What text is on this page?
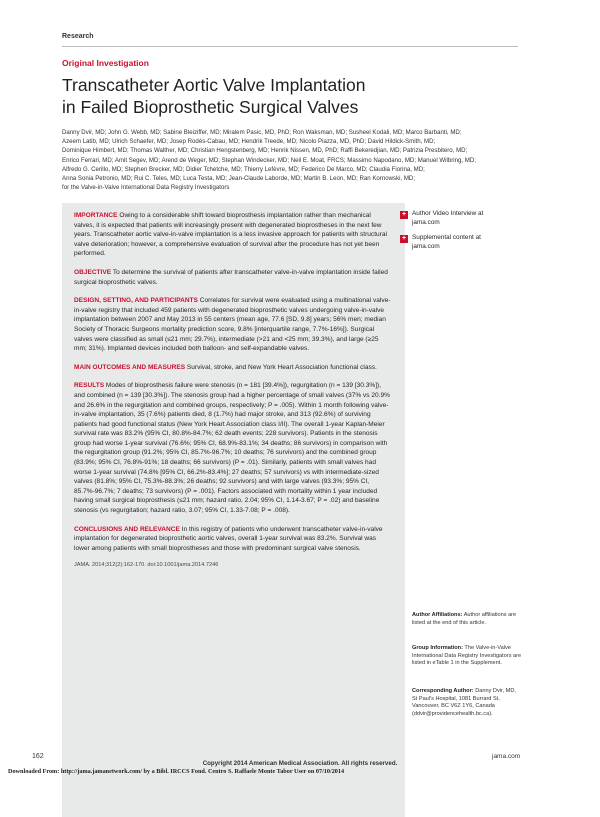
Research
Original Investigation
Transcatheter Aortic Valve Implantation
in Failed Bioprosthetic Surgical Valves
Danny Dvir, MD; John G. Webb, MD; Sabine Bleiziffer, MD; Miralem Pasic, MD, PhD; Ron Waksman, MD; Susheel Kodali, MD; Marco Barbanti, MD;
Azeem Latib, MD; Ulrich Schaefer, MD; Josep Rodés-Cabau, MD; Hendrik Treede, MD; Nicolo Piazza, MD, PhD; David Hildick-Smith, MD;
Dominique Himbert, MD; Thomas Walther, MD; Christian Hengstenberg, MD; Henrik Nissen, MD, PhD; Raffi Bekeredjian, MD; Patrizia Presbitero, MD;
Enrico Ferrari, MD; Amit Segev, MD; Arend de Weger, MD; Stephan Windecker, MD; Neil E. Moat, FRCS; Massimo Napodano, MD; Manuel Wilbring, MD;
Alfredo G. Cerillo, MD; Stephen Brecker, MD; Didier Tchetche, MD; Thierry Lefèvre, MD; Federico De Marco, MD; Claudia Fiorina, MD;
Anna Sonia Petronio, MD; Rui C. Teles, MD; Luca Testa, MD; Jean-Claude Laborde, MD; Martin B. Leon, MD; Ran Kornowski, MD;
for the Valve-in-Valve International Data Registry Investigators

IMPORTANCE Owing to a considerable shift toward bioprosthesis implantation rather than mechanical valves, it is expected that patients will increasingly present with degenerated bioprostheses in the next few years. Transcatheter aortic valve-in-valve implantation is a less invasive approach for patients with structural valve deterioration; however, a comprehensive evaluation of survival after the procedure has not yet been performed.

OBJECTIVE To determine the survival of patients after transcatheter valve-in-valve implantation inside failed surgical bioprosthetic valves.

DESIGN, SETTING, AND PARTICIPANTS Correlates for survival were evaluated using a multinational valve-in-valve registry that included 459 patients with degenerated bioprosthetic valves undergoing valve-in-valve implantation between 2007 and May 2013 in 55 centers (mean age, 77.6 [SD, 9.8] years; 56% men; median Society of Thoracic Surgeons mortality prediction score, 9.8% [interquartile range, 7.7%-16%]). Surgical valves were classified as small (≤21 mm; 29.7%), intermediate (>21 and <25 mm; 39.3%), and large (≥25 mm; 31%). Implanted devices included both balloon- and self-expandable valves.

MAIN OUTCOMES AND MEASURES Survival, stroke, and New York Heart Association functional class.

RESULTS Modes of bioprosthesis failure were stenosis (n = 181 [39.4%]), regurgitation (n = 139 [30.3%]), and combined (n = 139 [30.3%]). The stenosis group had a higher percentage of small valves (37% vs 20.9% and 26.6% in the regurgitation and combined groups, respectively; P = .005). Within 1 month following valve-in-valve implantation, 35 (7.6%) patients died, 8 (1.7%) had major stroke, and 313 (92.6%) of surviving patients had good functional status (New York Heart Association class I/II). The overall 1-year Kaplan-Meier survival rate was 83.2% (95% CI, 80.8%-84.7%; 62 death events; 228 survivors). Patients in the stenosis group had worse 1-year survival (76.6%; 95% CI, 68.9%-83.1%; 34 deaths; 86 survivors) in comparison with the regurgitation group (91.2%; 95% CI, 85.7%-96.7%; 10 deaths; 76 survivors) and the combined group (83.9%; 95% CI, 76.8%-91%; 18 deaths; 66 survivors) (P = .01). Similarly, patients with small valves had worse 1-year survival (74.8% [95% CI, 66.2%-83.4%]; 27 deaths; 57 survivors) vs with intermediate-sized valves (81.8%; 95% CI, 75.3%-88.3%; 26 deaths; 92 survivors) and with large valves (93.3%; 95% CI, 85.7%-96.7%; 7 deaths; 73 survivors) (P = .001). Factors associated with mortality within 1 year included having small surgical bioprosthesis (≤21 mm; hazard ratio, 2.04; 95% CI, 1.14-3.67; P = .02) and baseline stenosis (vs regurgitation; hazard ratio, 3.07; 95% CI, 1.33-7.08; P = .008).

CONCLUSIONS AND RELEVANCE In this registry of patients who underwent transcatheter valve-in-valve implantation for degenerated bioprosthetic aortic valves, overall 1-year survival was 83.2%. Survival was lower among patients with small bioprostheses and those with predominant surgical valve stenosis.

JAMA. 2014;312(2):162-170. doi:10.1001/jama.2014.7246
+ Author Video Interview at
jama.com
+ Supplemental content at
jama.com
Author Affiliations: Author affiliations are listed at the end of this article.
Group Information: The Valve-in-Valve International Data Registry Investigators are listed in eTable 1 in the Supplement.
Corresponding Author: Danny Dvir, MD, St Paul's Hospital, 1081 Burrard St, Vancouver, BC V6Z 1Y6, Canada (ddvir@providencehealth.bc.ca).
162	jama.com
Copyright 2014 American Medical Association. All rights reserved.
Downloaded From: http://jama.jamanetwork.com/ by a Bibl. IRCCS Fond. Centro S. Raffaele Monte Tabor User on 07/10/2014
